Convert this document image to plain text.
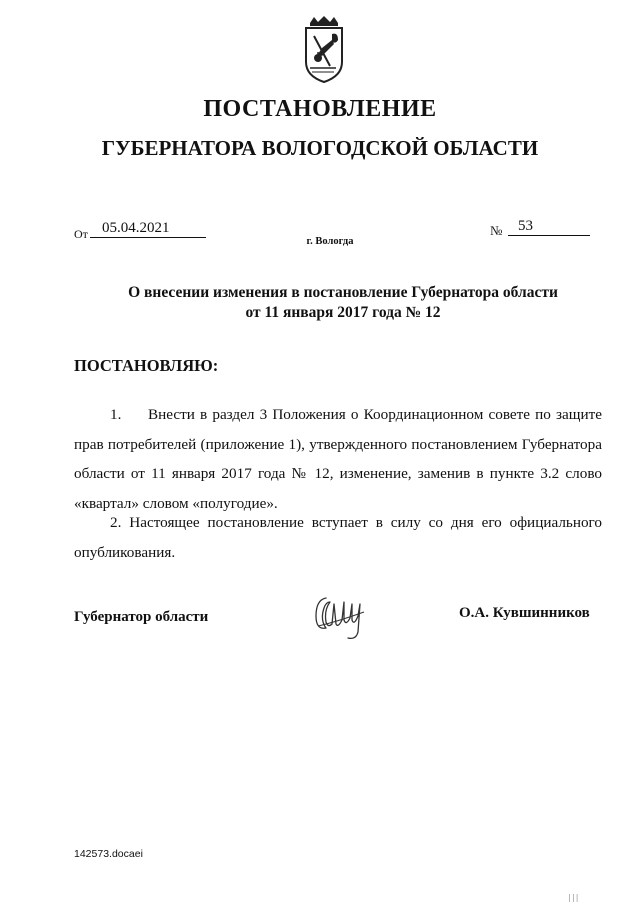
ПОСТАНОВЛЕНИЕ
ГУБЕРНАТОРА ВОЛОГОДСКОЙ ОБЛАСТИ
От 05.04.2021	№	53
г. Вологда
О внесении изменения в постановление Губернатора области
от 11 января 2017 года № 12
ПОСТАНОВЛЯЮ:
1. Внести в раздел 3 Положения о Координационном совете по защите прав потребителей (приложение 1), утвержденного постановлением Губернатора области от 11 января 2017 года № 12, изменение, заменив в пункте 3.2 слово «квартал» словом «полугодие».
2. Настоящее постановление вступает в силу со дня его официального опубликования.
Губернатор области	О.А. Кувшинников
142573.docaei
| | |
